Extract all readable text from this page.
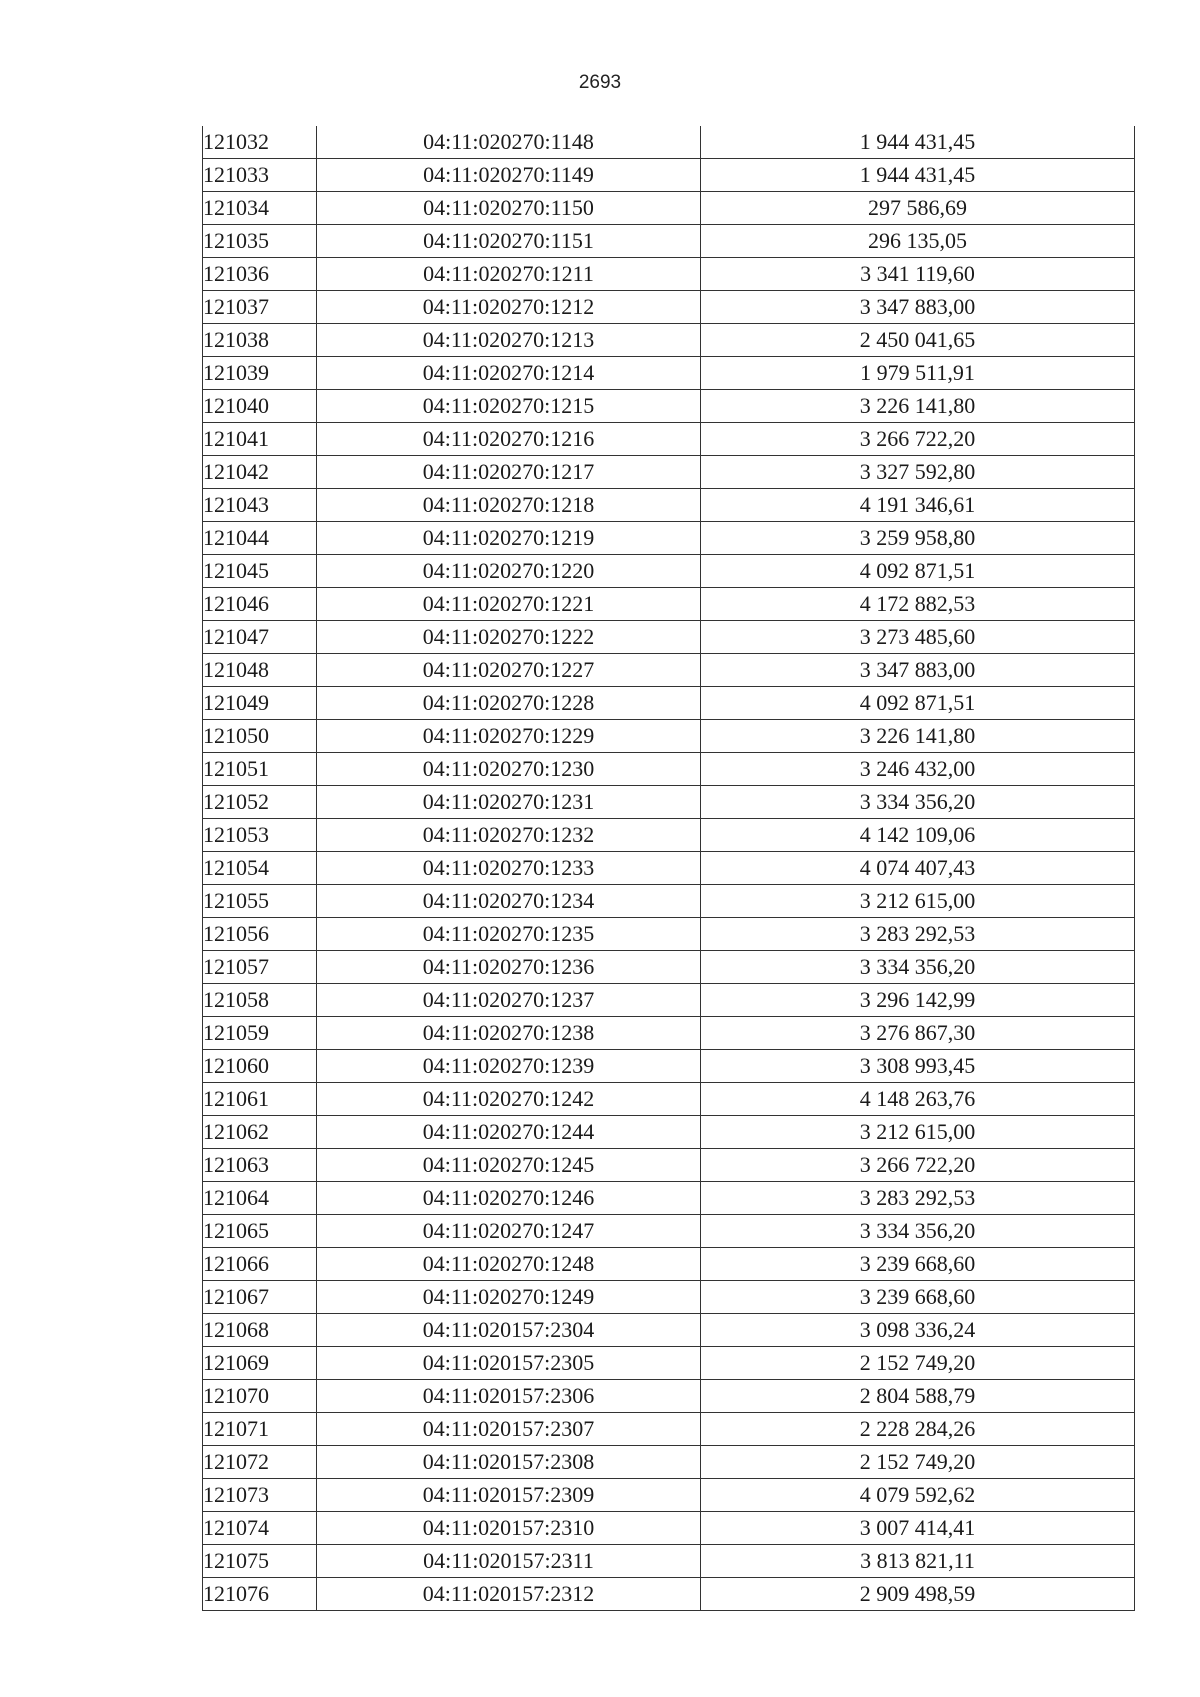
2693
121032	04:11:020270:1148	1 944 431,45
121033	04:11:020270:1149	1 944 431,45
121034	04:11:020270:1150	297 586,69
121035	04:11:020270:1151	296 135,05
121036	04:11:020270:1211	3 341 119,60
121037	04:11:020270:1212	3 347 883,00
121038	04:11:020270:1213	2 450 041,65
121039	04:11:020270:1214	1 979 511,91
121040	04:11:020270:1215	3 226 141,80
121041	04:11:020270:1216	3 266 722,20
121042	04:11:020270:1217	3 327 592,80
121043	04:11:020270:1218	4 191 346,61
121044	04:11:020270:1219	3 259 958,80
121045	04:11:020270:1220	4 092 871,51
121046	04:11:020270:1221	4 172 882,53
121047	04:11:020270:1222	3 273 485,60
121048	04:11:020270:1227	3 347 883,00
121049	04:11:020270:1228	4 092 871,51
121050	04:11:020270:1229	3 226 141,80
121051	04:11:020270:1230	3 246 432,00
121052	04:11:020270:1231	3 334 356,20
121053	04:11:020270:1232	4 142 109,06
121054	04:11:020270:1233	4 074 407,43
121055	04:11:020270:1234	3 212 615,00
121056	04:11:020270:1235	3 283 292,53
121057	04:11:020270:1236	3 334 356,20
121058	04:11:020270:1237	3 296 142,99
121059	04:11:020270:1238	3 276 867,30
121060	04:11:020270:1239	3 308 993,45
121061	04:11:020270:1242	4 148 263,76
121062	04:11:020270:1244	3 212 615,00
121063	04:11:020270:1245	3 266 722,20
121064	04:11:020270:1246	3 283 292,53
121065	04:11:020270:1247	3 334 356,20
121066	04:11:020270:1248	3 239 668,60
121067	04:11:020270:1249	3 239 668,60
121068	04:11:020157:2304	3 098 336,24
121069	04:11:020157:2305	2 152 749,20
121070	04:11:020157:2306	2 804 588,79
121071	04:11:020157:2307	2 228 284,26
121072	04:11:020157:2308	2 152 749,20
121073	04:11:020157:2309	4 079 592,62
121074	04:11:020157:2310	3 007 414,41
121075	04:11:020157:2311	3 813 821,11
121076	04:11:020157:2312	2 909 498,59
